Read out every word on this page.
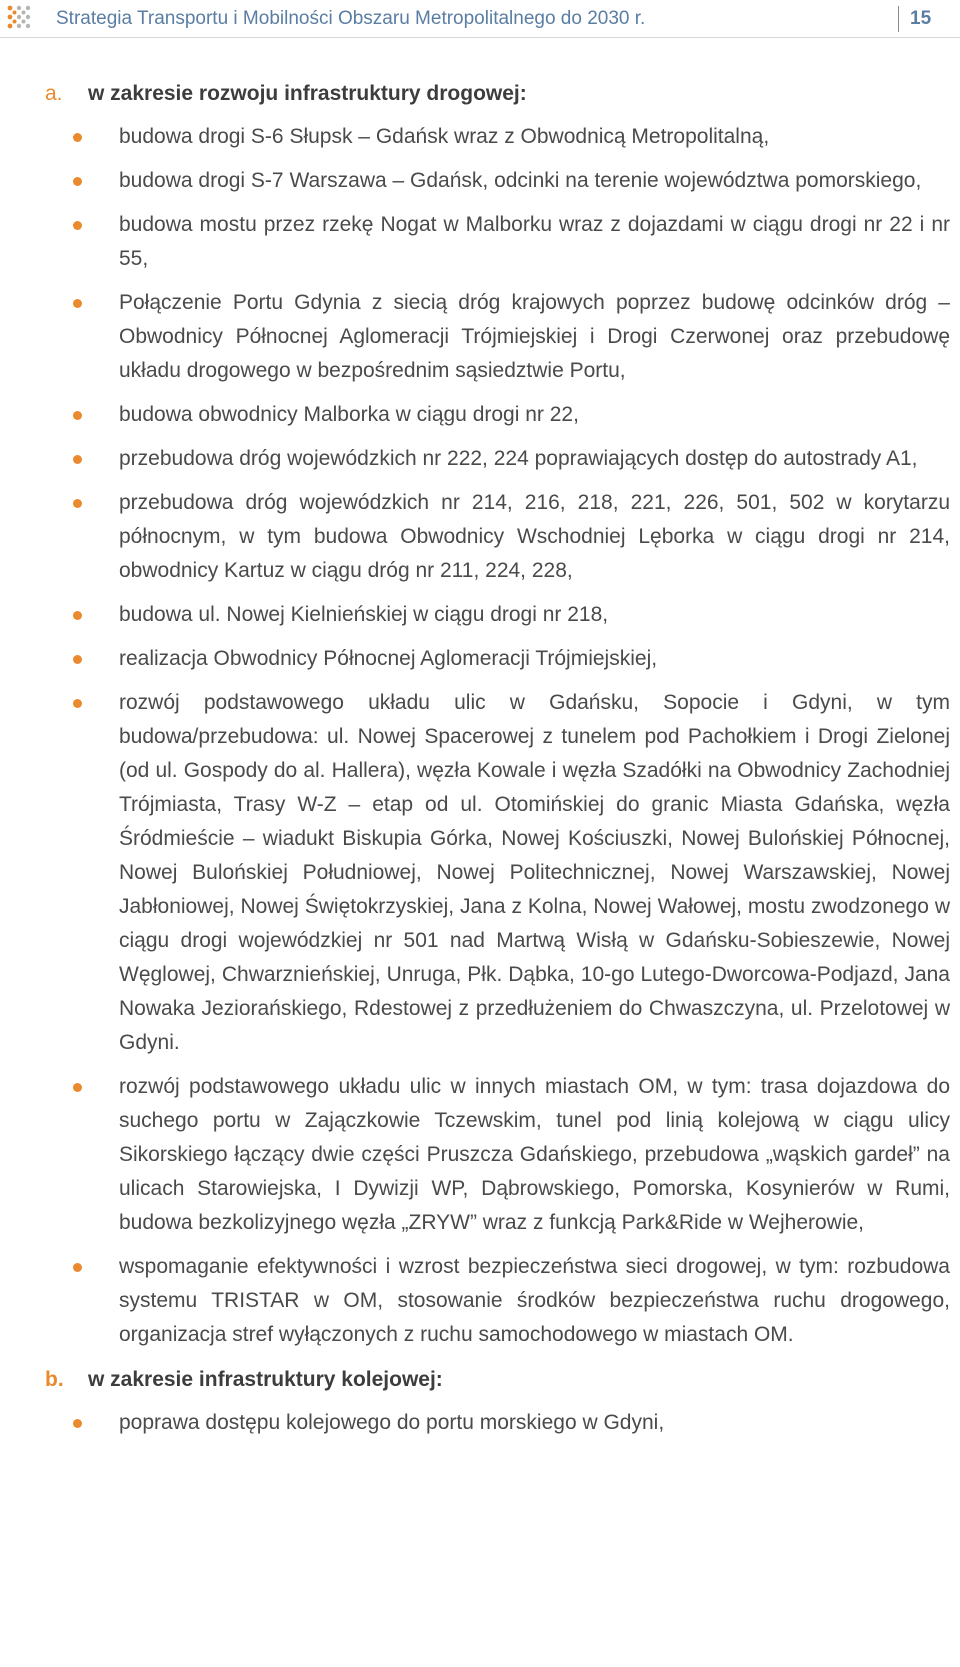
Strategia Transportu i Mobilności Obszaru Metropolitalnego do 2030 r.	15
a. w zakresie rozwoju infrastruktury drogowej:
budowa drogi S-6 Słupsk – Gdańsk wraz z Obwodnicą Metropolitalną,
budowa drogi S-7 Warszawa – Gdańsk, odcinki na terenie województwa pomorskiego,
budowa mostu przez rzekę Nogat w Malborku wraz z dojazdami w ciągu drogi nr 22 i nr 55,
Połączenie Portu Gdynia z siecią dróg krajowych poprzez budowę odcinków dróg – Obwodnicy Północnej Aglomeracji Trójmiejskiej i Drogi Czerwonej oraz przebudowę układu drogowego w bezpośrednim sąsiedztwie Portu,
budowa obwodnicy Malborka w ciągu drogi nr 22,
przebudowa dróg wojewódzkich nr 222, 224 poprawiających dostęp do autostrady A1,
przebudowa dróg wojewódzkich nr 214, 216, 218, 221, 226, 501, 502 w korytarzu północnym, w tym budowa Obwodnicy Wschodniej Lęborka w ciągu drogi nr 214, obwodnicy Kartuz w ciągu dróg nr 211, 224, 228,
budowa ul. Nowej Kielnieńskiej w ciągu drogi nr 218,
realizacja Obwodnicy Północnej Aglomeracji Trójmiejskiej,
rozwój podstawowego układu ulic w Gdańsku, Sopocie i Gdyni, w tym budowa/przebudowa: ul. Nowej Spacerowej z tunelem pod Pachołkiem i Drogi Zielonej (od ul. Gospody do al. Hallera), węzła Kowale i węzła Szadółki na Obwodnicy Zachodniej Trójmiasta, Trasy W-Z – etap od ul. Otomińskiej do granic Miasta Gdańska, węzła Śródmieście – wiadukt Biskupia Górka, Nowej Kościuszki, Nowej Bulońskiej Północnej, Nowej Bulońskiej Południowej, Nowej Politechnicznej, Nowej Warszawskiej, Nowej Jabłoniowej, Nowej Świętokrzyskiej, Jana z Kolna, Nowej Wałowej, mostu zwodzonego w ciągu drogi wojewódzkiej nr 501 nad Martwą Wisłą w Gdańsku-Sobieszewie, Nowej Węglowej, Chwarznieńskiej, Unruga, Płk. Dąbka, 10-go Lutego-Dworcowa-Podjazd, Jana Nowaka Jeziorańskiego, Rdestowej z przedłużeniem do Chwaszczyna, ul. Przelotowej w Gdyni.
rozwój podstawowego układu ulic w innych miastach OM, w tym: trasa dojazdowa do suchego portu w Zajączkowie Tczewskim, tunel pod linią kolejową w ciągu ulicy Sikorskiego łączący dwie części Pruszcza Gdańskiego, przebudowa „wąskich gardeł” na ulicach Starowiejska, I Dywizji WP, Dąbrowskiego, Pomorska, Kosynierów w Rumi, budowa bezkolizyjnego węzła „ZRYW” wraz z funkcją Park&Ride w Wejherowie,
wspomaganie efektywności i wzrost bezpieczeństwa sieci drogowej, w tym: rozbudowa systemu TRISTAR w OM, stosowanie środków bezpieczeństwa ruchu drogowego, organizacja stref wyłączonych z ruchu samochodowego w miastach OM.
b. w zakresie infrastruktury kolejowej:
poprawa dostępu kolejowego do portu morskiego w Gdyni,
